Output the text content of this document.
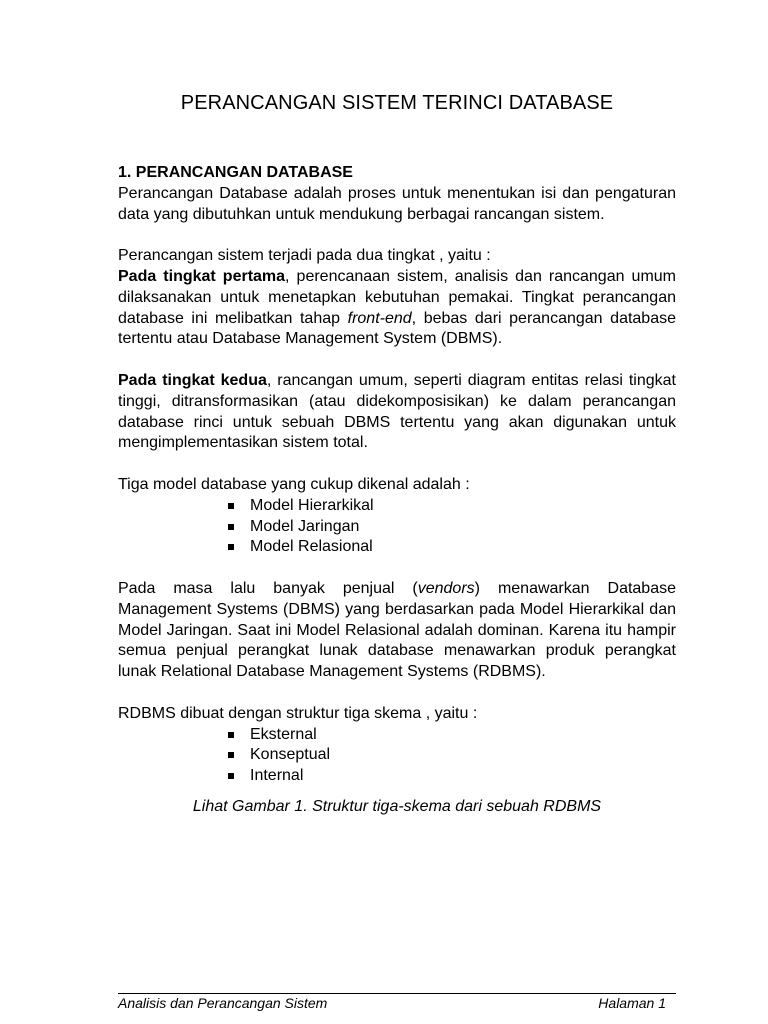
PERANCANGAN SISTEM TERINCI DATABASE

1. PERANCANGAN DATABASE

Perancangan Database adalah proses untuk menentukan isi dan pengaturan data yang dibutuhkan untuk mendukung berbagai rancangan sistem.

Perancangan sistem terjadi pada dua tingkat , yaitu :

Pada tingkat pertama, perencanaan sistem, analisis dan rancangan umum dilaksanakan untuk menetapkan kebutuhan pemakai. Tingkat perancangan database ini melibatkan tahap front-end, bebas dari perancangan database tertentu atau Database Management System (DBMS).

Pada tingkat kedua, rancangan umum, seperti diagram entitas relasi tingkat tinggi, ditransformasikan (atau didekomposisikan) ke dalam perancangan database rinci untuk sebuah DBMS tertentu yang akan digunakan untuk mengimplementasikan sistem total.

Tiga model database yang cukup dikenal adalah :

Model Hierarkikal
Model Jaringan
Model Relasional

Pada masa lalu banyak penjual (vendors) menawarkan Database Management Systems (DBMS) yang berdasarkan pada Model Hierarkikal dan Model Jaringan. Saat ini Model Relasional adalah dominan. Karena itu hampir semua penjual perangkat lunak database menawarkan produk perangkat lunak Relational Database Management Systems (RDBMS).

RDBMS dibuat dengan struktur tiga skema , yaitu :

Eksternal
Konseptual
Internal

Lihat Gambar 1. Struktur tiga-skema dari sebuah RDBMS

Analisis dan Perancangan Sistem	Halaman 1
